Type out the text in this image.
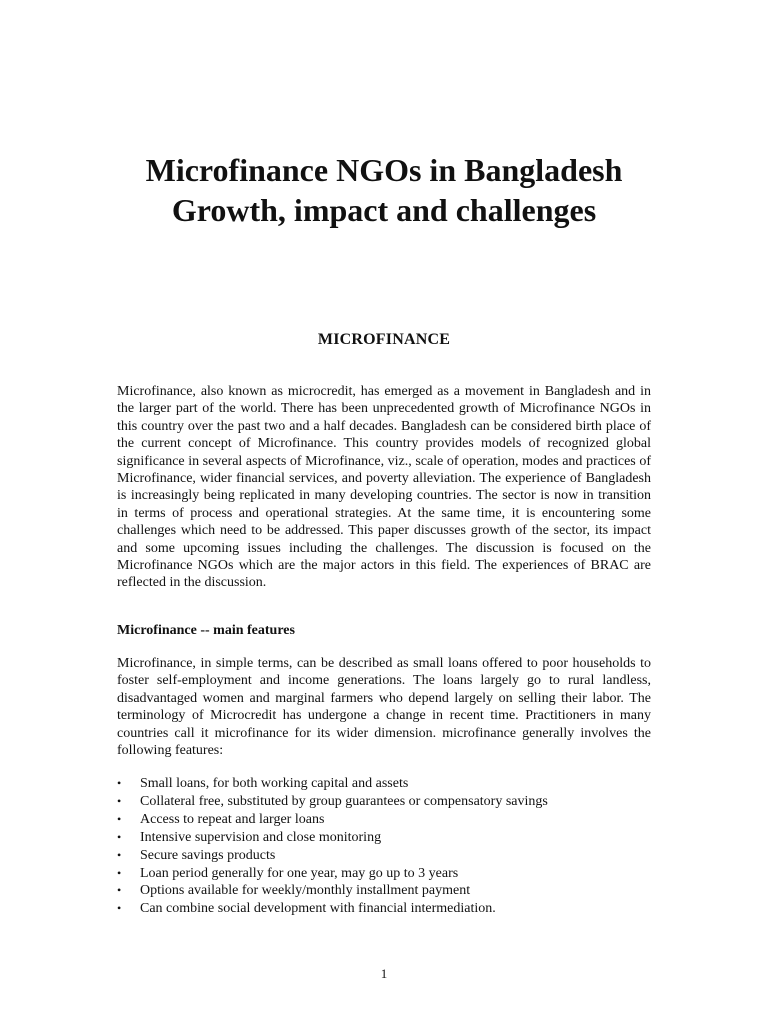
Microfinance NGOs in Bangladesh

Growth, impact and challenges

MICROFINANCE

Microfinance, also known as microcredit, has emerged as a movement in Bangladesh and in the larger part of the world. There has been unprecedented growth of Microfinance NGOs in this country over the past two and a half decades. Bangladesh can be considered birth place of the current concept of Microfinance. This country provides models of recognized global significance in several aspects of Microfinance, viz., scale of operation, modes and practices of Microfinance, wider financial services, and poverty alleviation. The experience of Bangladesh is increasingly being replicated in many developing countries. The sector is now in transition in terms of process and operational strategies. At the same time, it is encountering some challenges which need to be addressed. This paper discusses growth of the sector, its impact and some upcoming issues including the challenges. The discussion is focused on the Microfinance NGOs which are the major actors in this field. The experiences of BRAC are reflected in the discussion.

Microfinance -- main features

Microfinance, in simple terms, can be described as small loans offered to poor households to foster self-employment and income generations. The loans largely go to rural landless, disadvantaged women and marginal farmers who depend largely on selling their labor. The terminology of Microcredit has undergone a change in recent time. Practitioners in many countries call it microfinance for its wider dimension. microfinance generally involves the following features:

• Small loans, for both working capital and assets
• Collateral free, substituted by group guarantees or compensatory savings
• Access to repeat and larger loans
• Intensive supervision and close monitoring
• Secure savings products
• Loan period generally for one year, may go up to 3 years
• Options available for weekly/monthly installment payment
• Can combine social development with financial intermediation.
1
